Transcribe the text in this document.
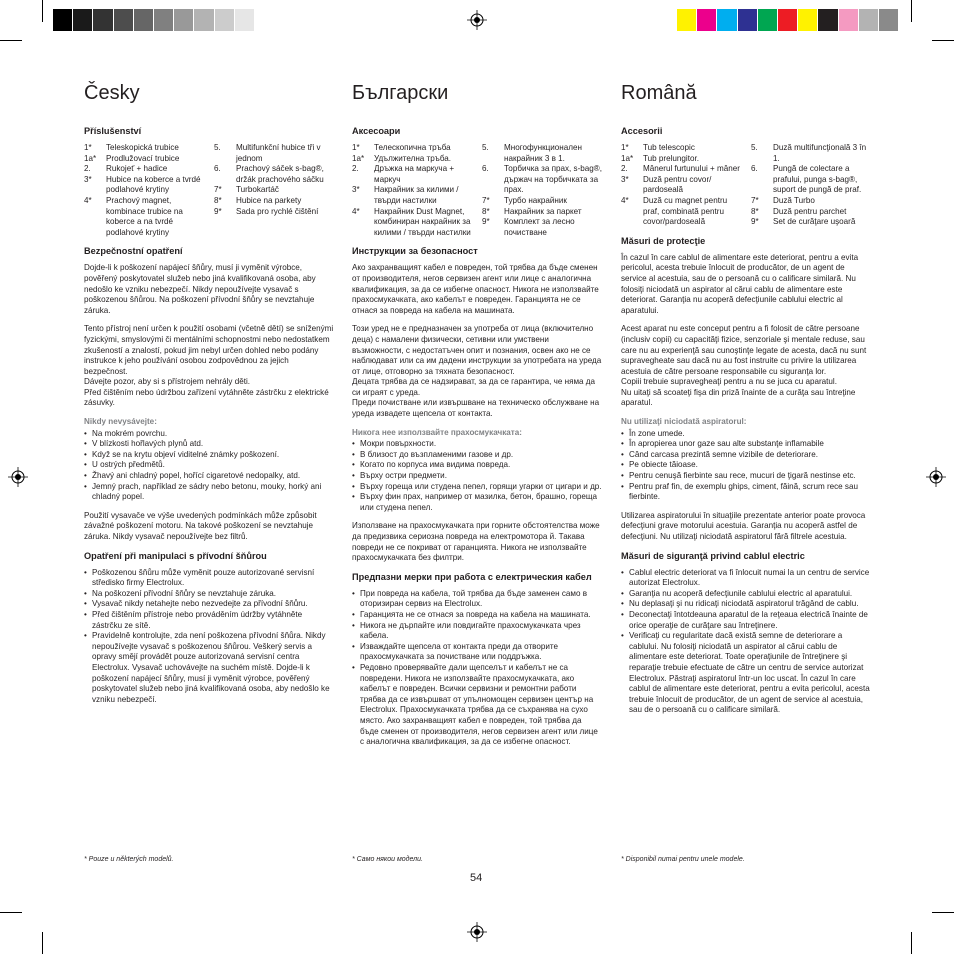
Česky
Příslušenství
1*	Teleskopická trubice
1a*	Prodlužovací trubice
2.	Rukojeť + hadice
3*	Hubice na koberce a tvrdé podlahové krytiny
4*	Prachový magnet, kombinace trubice na koberce a na tvrdé podlahové krytiny
5.	Multifunkční hubice tři v jednom
6.	Prachový sáček s-bag®, držák prachového sáčku
7*	Turbokartáč
8*	Hubice na parkety
9*	Sada pro rychlé čištění
Bezpečnostní opatření
Dojde-li k poškození napájecí šňůry, musí ji vyměnit výrobce, pověřený poskytovatel služeb nebo jiná kvalifikovaná osoba, aby nedošlo ke vzniku nebezpečí. Nikdy nepoužívejte vysavač s poškozenou šňůrou. Na poškození přívodní šňůry se nevztahuje záruka.
Tento přístroj není určen k použití osobami (včetně dětí) se sníženými fyzickými, smyslovými či mentálními schopnostmi nebo nedostatkem zkušeností a znalostí, pokud jim nebyl určen dohled nebo podány instrukce k jeho používání osobou zodpovědnou za jejich bezpečnost.
Dávejte pozor, aby si s přístrojem nehrály děti.
Před čištěním nebo údržbou zařízení vytáhněte zástrčku z elektrické zásuvky.
Nikdy nevysávejte:
• Na mokrém povrchu.
• V blízkosti hořlavých plynů atd.
• Když se na krytu objeví viditelné známky poškození.
• U ostrých předmětů.
• Žhavý ani chladný popel, hořící cigaretové nedopalky, atd.
• Jemný prach, například ze sádry nebo betonu, mouky, horký ani chladný popel.
Použití vysavače ve výše uvedených podmínkách může způsobit závažné poškození motoru. Na takové poškození se nevztahuje záruka. Nikdy vysavač nepoužívejte bez filtrů.
Opatření při manipulaci s přívodní šňůrou
• Poškozenou šňůru může vyměnit pouze autorizované servisní středisko firmy Electrolux.
• Na poškození přívodní šňůry se nevztahuje záruka.
• Vysavač nikdy netahejte nebo nezvedejte za přívodní šňůru.
• Před čištěním přístroje nebo prováděním údržby vytáhněte zástrčku ze sítě.
• Pravidelně kontrolujte, zda není poškozena přívodní šňůra. Nikdy nepoužívejte vysavač s poškozenou šňůrou. Veškerý servis a opravy smějí provádět pouze autorizovaná servisní centra Electrolux. Vysavač uchovávejte na suchém místě. Dojde-li k poškození napájecí šňůry, musí ji vyměnit výrobce, pověřený poskytovatel služeb nebo jiná kvalifikovaná osoba, aby nedošlo ke vzniku nebezpečí.
Български
Аксесоари
1*	Телескопична тръба
1a*	Удължителна тръба.
2.	Дръжка на маркуча + маркуч
3*	Накрайник за килими / твърди настилки
4*	Накрайник Dust Magnet, комбиниран накрайник за килими / твърди настилки
5.	Многофункционален накрайник 3 в 1.
6.	Торбичка за прах, s-bag®, държач на торбичката за прах.
7*	Турбо накрайник
8*	Накрайник за паркет
9*	Комплект за лесно почистване
Инструкции за безопасност
Ако захранващият кабел е повреден, той трябва да бъде сменен от производителя, негов сервизен агент или лице с аналогична квалификация, за да се избегне опасност. Никога не използвайте прахосмукачката, ако кабелът е повреден. Гаранцията не се отнася за повреда на кабела на машината.
Този уред не е предназначен за употреба от лица (включително деца) с намалени физически, сетивни или умствени възможности, с недостатъчен опит и познания, освен ако не се наблюдават или са им дадени инструкции за употребата на уреда от лице, отговорно за тяхната безопасност.
Децата трябва да се надзирават, за да се гарантира, че няма да си играят с уреда.
Преди почистване или извършване на техническо обслужване на уреда извадете щепсела от контакта.
Никога нее използвайте прахосмукачката:
• Мокри повърхности.
• В близост до възпламеними газове и др.
• Когато по корпуса има видима повреда.
• Върху остри предмети.
• Върху гореща или студена пепел, горящи угарки от цигари и др.
• Върху фин прах, например от мазилка, бетон, брашно, гореща или студена пепел.
Използване на прахосмукачката при горните обстоятелства може да предизвика сериозна повреда на електромотора й. Такава повреди не се покриват от гаранцията. Никога не използвайте прахосмукачката без филтри.
Предпазни мерки при работа с електрическия кабел
• При повреда на кабела, той трябва да бъде заменен само в оторизиран сервиз на Electrolux.
• Гаранцията не се отнася за повреда на кабела на машината.
• Никога не дърпайте или повдигайте прахосмукачката чрез кабела.
• Изваждайте щепсела от контакта преди да отворите прахосмукачката за почистване или поддръжка.
• Редовно проверявайте дали щепселът и кабелът не са повредени. Никога не използвайте прахосмукачката, ако кабелът е повреден. Всички сервизни и ремонтни работи трябва да се извършват от упълномощен сервизен център на Electrolux. Прахосмукачката трябва да се съхранява на сухо място. Ако захранващият кабел е повреден, той трябва да бъде сменен от производителя, негов сервизен агент или лице с аналогична квалификация, за да се избегне опасност.
Română
Accesorii
1*	Tub telescopic
1a*	Tub prelungitor.
2.	Mânerul furtunului + mâner
3*	Duză pentru covor/ pardoseală
4*	Duză cu magnet pentru praf, combinată pentru covor/pardoseală
5.	Duză multifuncţională 3 în 1.
6.	Pungă de colectare a prafului, punga s-bag®, suport de pungă de praf.
7*	Duză Turbo
8*	Duză pentru parchet
9*	Set de curăţare uşoară
Măsuri de protecţie
În cazul în care cablul de alimentare este deteriorat, pentru a evita pericolul, acesta trebuie înlocuit de producător, de un agent de service al acestuia, sau de o persoană cu o calificare similară. Nu folosiţi niciodată un aspirator al cărui cablu de alimentare este deteriorat. Garanţia nu acoperă defecţiunile cablului electric al aparatului.
Acest aparat nu este conceput pentru a fi folosit de către persoane (inclusiv copii) cu capacităţi fizice, senzoriale şi mentale reduse, sau care nu au experienţă sau cunoştinţe legate de acesta, dacă nu sunt supravegheate sau dacă nu au fost instruite cu privire la utilizarea acestuia de către persoane responsabile cu siguranţa lor.
Copiii trebuie supravegheaţi pentru a nu se juca cu aparatul.
Nu uitaţi să scoateţi fişa din priză înainte de a curăţa sau întreţine aparatul.
Nu utilizaţi niciodată aspiratorul:
• În zone umede.
• În apropierea unor gaze sau alte substanţe inflamabile
• Când carcasa prezintă semne vizibile de deteriorare.
• Pe obiecte tăioase.
• Pentru cenuşă fierbinte sau rece, mucuri de ţigară nestinse etc.
• Pentru praf fin, de exemplu ghips, ciment, făină, scrum rece sau fierbinte.
Utilizarea aspiratorului în situaţiile prezentate anterior poate provoca defecţiuni grave motorului acestuia. Garanţia nu acoperă astfel de defecţiuni. Nu utilizaţi niciodată aspiratorul fără filtrele acestuia.
Măsuri de siguranţă privind cablul electric
• Cablul electric deteriorat va fi înlocuit numai la un centru de service autorizat Electrolux.
• Garanţia nu acoperă defecţiunile cablului electric al aparatului.
• Nu deplasaţi şi nu ridicaţi niciodată aspiratorul trăgând de cablu.
• Deconectaţi întotdeauna aparatul de la reţeaua electrică înainte de orice operaţie de curăţare sau întreţinere.
• Verificaţi cu regularitate dacă există semne de deteriorare a cablului. Nu folosiţi niciodată un aspirator al cărui cablu de alimentare este deteriorat. Toate operaţiunile de întreţinere şi reparaţie trebuie efectuate de către un centru de service autorizat Electrolux. Păstraţi aspiratorul într-un loc uscat. În cazul în care cablul de alimentare este deteriorat, pentru a evita pericolul, acesta trebuie înlocuit de producător, de un agent de service al acestuia, sau de o persoană cu o calificare similară.
* Pouze u některých modelů.	* Само някои модели.	* Disponibil numai pentru unele modele.
54
